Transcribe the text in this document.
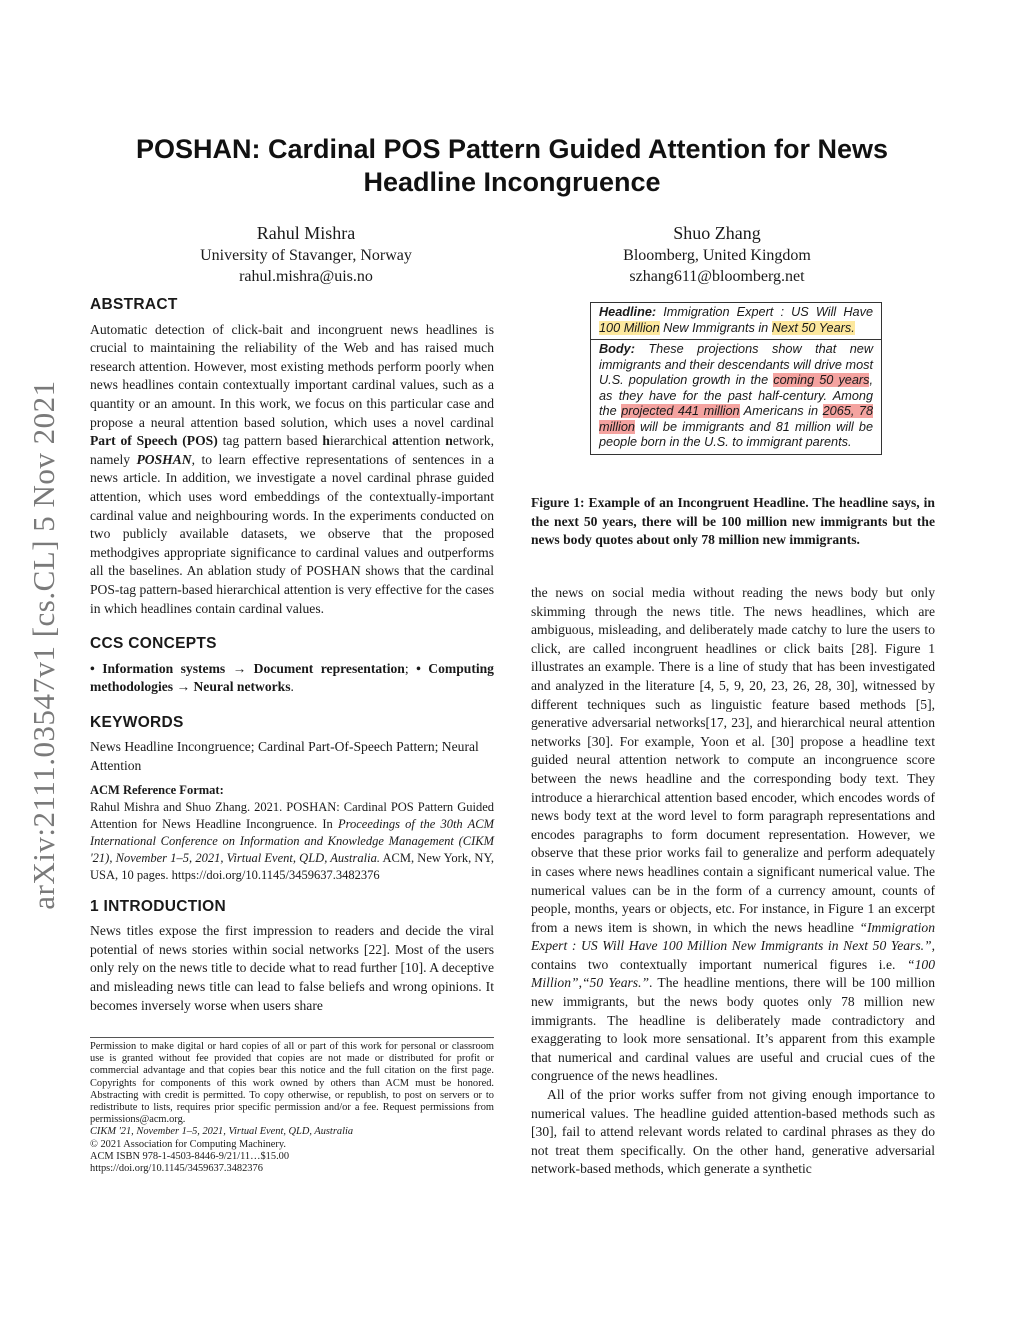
arXiv:2111.03547v1 [cs.CL] 5 Nov 2021
POSHAN: Cardinal POS Pattern Guided Attention for News
Headline Incongruence
Rahul Mishra
University of Stavanger, Norway
rahul.mishra@uis.no
Shuo Zhang
Bloomberg, United Kingdom
szhang611@bloomberg.net
ABSTRACT

Automatic detection of click-bait and incongruent news headlines is crucial to maintaining the reliability of the Web and has raised much research attention. However, most existing methods perform poorly when news headlines contain contextually important cardinal values, such as a quantity or an amount. In this work, we focus on this particular case and propose a neural attention based solution, which uses a novel cardinal Part of Speech (POS) tag pattern based hierarchical attention network, namely POSHAN, to learn effective representations of sentences in a news article. In addition, we investigate a novel cardinal phrase guided attention, which uses word embeddings of the contextually-important cardinal value and neighbouring words. In the experiments conducted on two publicly available datasets, we observe that the proposed methodgives appropriate significance to cardinal values and outperforms all the baselines. An ablation study of POSHAN shows that the cardinal POS-tag pattern-based hierarchical attention is very effective for the cases in which headlines contain cardinal values.

CCS CONCEPTS

• Information systems → Document representation; • Computing methodologies → Neural networks.

KEYWORDS

News Headline Incongruence; Cardinal Part-Of-Speech Pattern; Neural Attention

ACM Reference Format:

Rahul Mishra and Shuo Zhang. 2021. POSHAN: Cardinal POS Pattern Guided Attention for News Headline Incongruence. In Proceedings of the 30th ACM International Conference on Information and Knowledge Management (CIKM '21), November 1–5, 2021, Virtual Event, QLD, Australia. ACM, New York, NY, USA, 10 pages. https://doi.org/10.1145/3459637.3482376

1 INTRODUCTION

News titles expose the first impression to readers and decide the viral potential of news stories within social networks [22]. Most of the users only rely on the news title to decide what to read further [10]. A deceptive and misleading news title can lead to false beliefs and wrong opinions. It becomes inversely worse when users share

Permission to make digital or hard copies of all or part of this work for personal or classroom use is granted without fee provided that copies are not made or distributed for profit or commercial advantage and that copies bear this notice and the full citation on the first page. Copyrights for components of this work owned by others than ACM must be honored. Abstracting with credit is permitted. To copy otherwise, or republish, to post on servers or to redistribute to lists, requires prior specific permission and/or a fee. Request permissions from permissions@acm.org.

CIKM '21, November 1–5, 2021, Virtual Event, QLD, Australia
© 2021 Association for Computing Machinery.
ACM ISBN 978-1-4503-8446-9/21/11…$15.00
https://doi.org/10.1145/3459637.3482376
Headline: Immigration Expert : US Will Have 100 Million New Immigrants in Next 50 Years.
Body: These projections show that new immigrants and their descendants will drive most U.S. population growth in the coming 50 years, as they have for the past half-century. Among the projected 441 million Americans in 2065, 78 million will be immigrants and 81 million will be people born in the U.S. to immigrant parents.
Figure 1: Example of an Incongruent Headline. The headline says, in the next 50 years, there will be 100 million new immigrants but the news body quotes about only 78 million new immigrants.

the news on social media without reading the news body but only skimming through the news title. The news headlines, which are ambiguous, misleading, and deliberately made catchy to lure the users to click, are called incongruent headlines or click baits [28]. Figure 1 illustrates an example. There is a line of study that has been investigated and analyzed in the literature [4, 5, 9, 20, 23, 26, 28, 30], witnessed by different techniques such as linguistic feature based methods [5], generative adversarial networks[17, 23], and hierarchical neural attention networks [30]. For example, Yoon et al. [30] propose a headline text guided neural attention network to compute an incongruence score between the news headline and the corresponding body text. They introduce a hierarchical attention based encoder, which encodes words of news body text at the word level to form paragraph representations and encodes paragraphs to form document representation. However, we observe that these prior works fail to generalize and perform adequately in cases where news headlines contain a significant numerical value. The numerical values can be in the form of a currency amount, counts of people, months, years or objects, etc. For instance, in Figure 1 an excerpt from a news item is shown, in which the news headline “Immigration Expert : US Will Have 100 Million New Immigrants in Next 50 Years.”, contains two contextually important numerical figures i.e. “100 Million”,“50 Years.”. The headline mentions, there will be 100 million new immigrants, but the news body quotes only 78 million new immigrants. The headline is deliberately made contradictory and exaggerating to look more sensational. It’s apparent from this example that numerical and cardinal values are useful and crucial cues of the congruence of the news headlines.

All of the prior works suffer from not giving enough importance to numerical values. The headline guided attention-based methods such as [30], fail to attend relevant words related to cardinal phrases as they do not treat them specifically. On the other hand, generative adversarial network-based methods, which generate a synthetic
